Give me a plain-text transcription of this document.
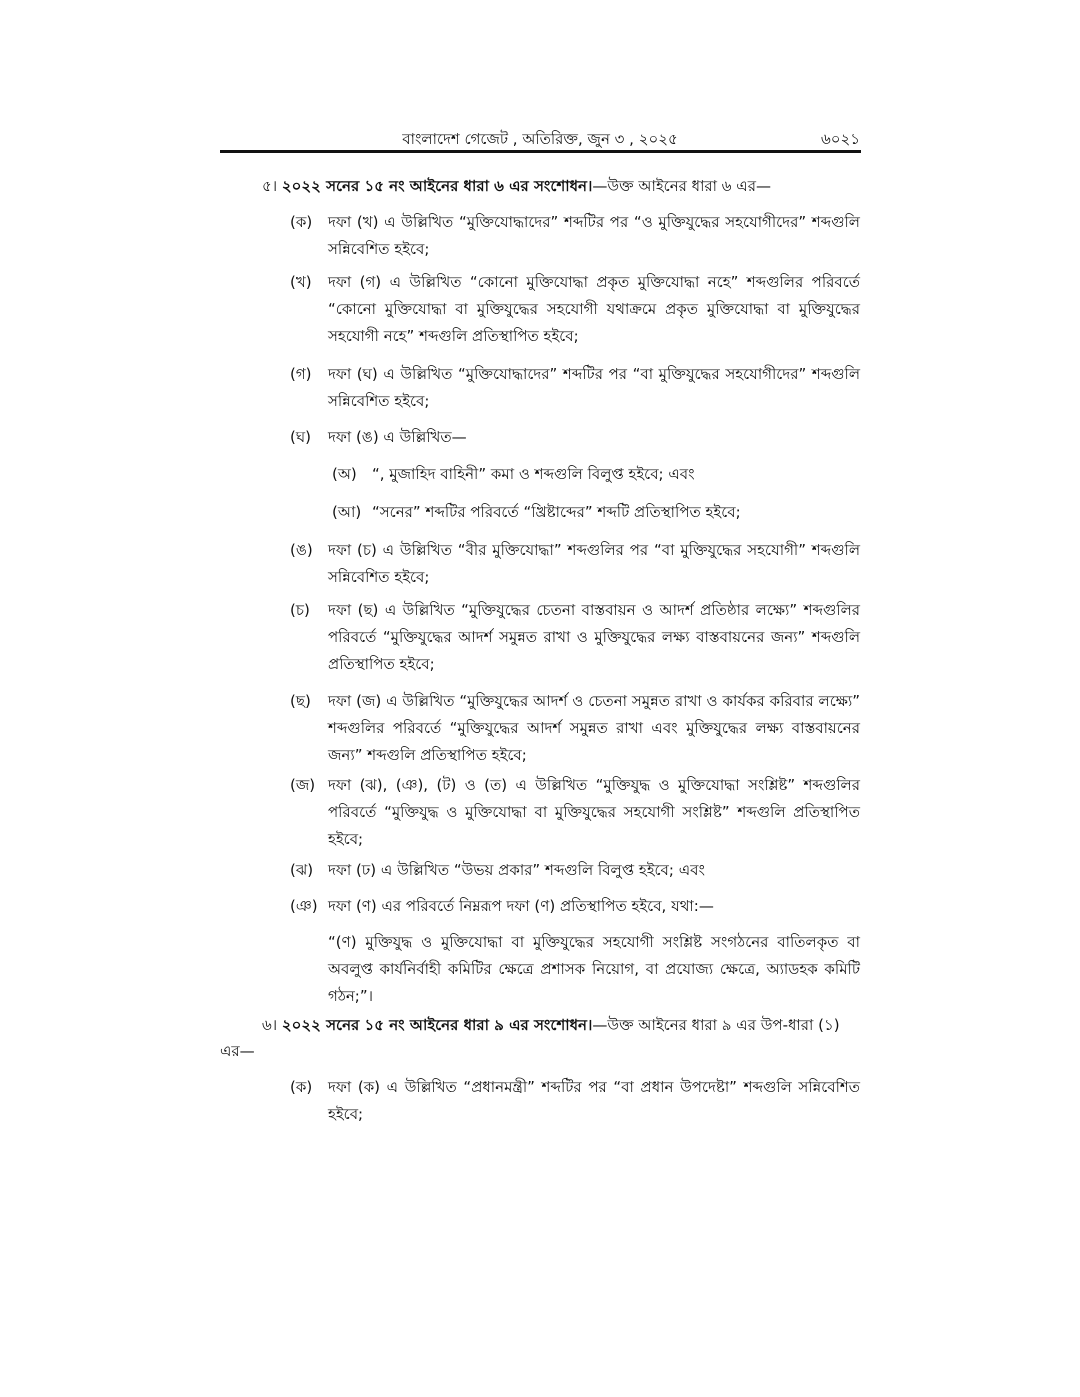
বাংলাদেশ গেজেট , অতিরিক্ত, জুন ৩ , ২০২৫	৬০২১
৫। ২০২২ সনের ১৫ নং আইনের ধারা ৬ এর সংশোধন।—উক্ত আইনের ধারা ৬ এর—
(ক)	দফা (খ) এ উল্লিখিত “মুক্তিযোদ্ধাদের” শব্দটির পর “ও মুক্তিযুদ্ধের সহযোগীদের” শব্দগুলি সন্নিবেশিত হইবে;
(খ)	দফা (গ) এ উল্লিখিত “কোনো মুক্তিযোদ্ধা প্রকৃত মুক্তিযোদ্ধা নহে” শব্দগুলির পরিবর্তে “কোনো মুক্তিযোদ্ধা বা মুক্তিযুদ্ধের সহযোগী যথাক্রমে প্রকৃত মুক্তিযোদ্ধা বা মুক্তিযুদ্ধের সহযোগী নহে” শব্দগুলি প্রতিস্থাপিত হইবে;
(গ)	দফা (ঘ) এ উল্লিখিত “মুক্তিযোদ্ধাদের” শব্দটির পর “বা মুক্তিযুদ্ধের সহযোগীদের” শব্দগুলি সন্নিবেশিত হইবে;
(ঘ)	দফা (ঙ) এ উল্লিখিত—
(অ) “, মুজাহিদ বাহিনী” কমা ও শব্দগুলি বিলুপ্ত হইবে; এবং
(আ) “সনের” শব্দটির পরিবর্তে “খ্রিষ্টাব্দের” শব্দটি প্রতিস্থাপিত হইবে;
(ঙ)	দফা (চ) এ উল্লিখিত “বীর মুক্তিযোদ্ধা” শব্দগুলির পর “বা মুক্তিযুদ্ধের সহযোগী” শব্দগুলি সন্নিবেশিত হইবে;
(চ)	দফা (ছ) এ উল্লিখিত “মুক্তিযুদ্ধের চেতনা বাস্তবায়ন ও আদর্শ প্রতিষ্ঠার লক্ষ্যে” শব্দগুলির পরিবর্তে “মুক্তিযুদ্ধের আদর্শ সমুন্নত রাখা ও মুক্তিযুদ্ধের লক্ষ্য বাস্তবায়নের জন্য” শব্দগুলি প্রতিস্থাপিত হইবে;
(ছ)	দফা (জ) এ উল্লিখিত “মুক্তিযুদ্ধের আদর্শ ও চেতনা সমুন্নত রাখা ও কার্যকর করিবার লক্ষ্যে” শব্দগুলির পরিবর্তে “মুক্তিযুদ্ধের আদর্শ সমুন্নত রাখা এবং মুক্তিযুদ্ধের লক্ষ্য বাস্তবায়নের জন্য” শব্দগুলি প্রতিস্থাপিত হইবে;
(জ) দফা (ঝ), (ঞ), (ট) ও (ত) এ উল্লিখিত “মুক্তিযুদ্ধ ও মুক্তিযোদ্ধা সংশ্লিষ্ট” শব্দগুলির পরিবর্তে “মুক্তিযুদ্ধ ও মুক্তিযোদ্ধা বা মুক্তিযুদ্ধের সহযোগী সংশ্লিষ্ট” শব্দগুলি প্রতিস্থাপিত হইবে;
(ঝ) দফা (ঢ) এ উল্লিখিত “উভয় প্রকার” শব্দগুলি বিলুপ্ত হইবে; এবং
(ঞ) দফা (ণ) এর পরিবর্তে নিম্নরূপ দফা (ণ) প্রতিস্থাপিত হইবে, যথা:—
“(ণ) মুক্তিযুদ্ধ ও মুক্তিযোদ্ধা বা মুক্তিযুদ্ধের সহযোগী সংশ্লিষ্ট সংগঠনের বাতিলকৃত বা অবলুপ্ত কার্যনির্বাহী কমিটির ক্ষেত্রে প্রশাসক নিয়োগ, বা প্রযোজ্য ক্ষেত্রে, অ্যাডহক কমিটি গঠন;”।
৬। ২০২২ সনের ১৫ নং আইনের ধারা ৯ এর সংশোধন।—উক্ত আইনের ধারা ৯ এর উপ-ধারা (১) এর—
(ক)	দফা (ক) এ উল্লিখিত “প্রধানমন্ত্রী” শব্দটির পর “বা প্রধান উপদেষ্টা” শব্দগুলি সন্নিবেশিত হইবে;
